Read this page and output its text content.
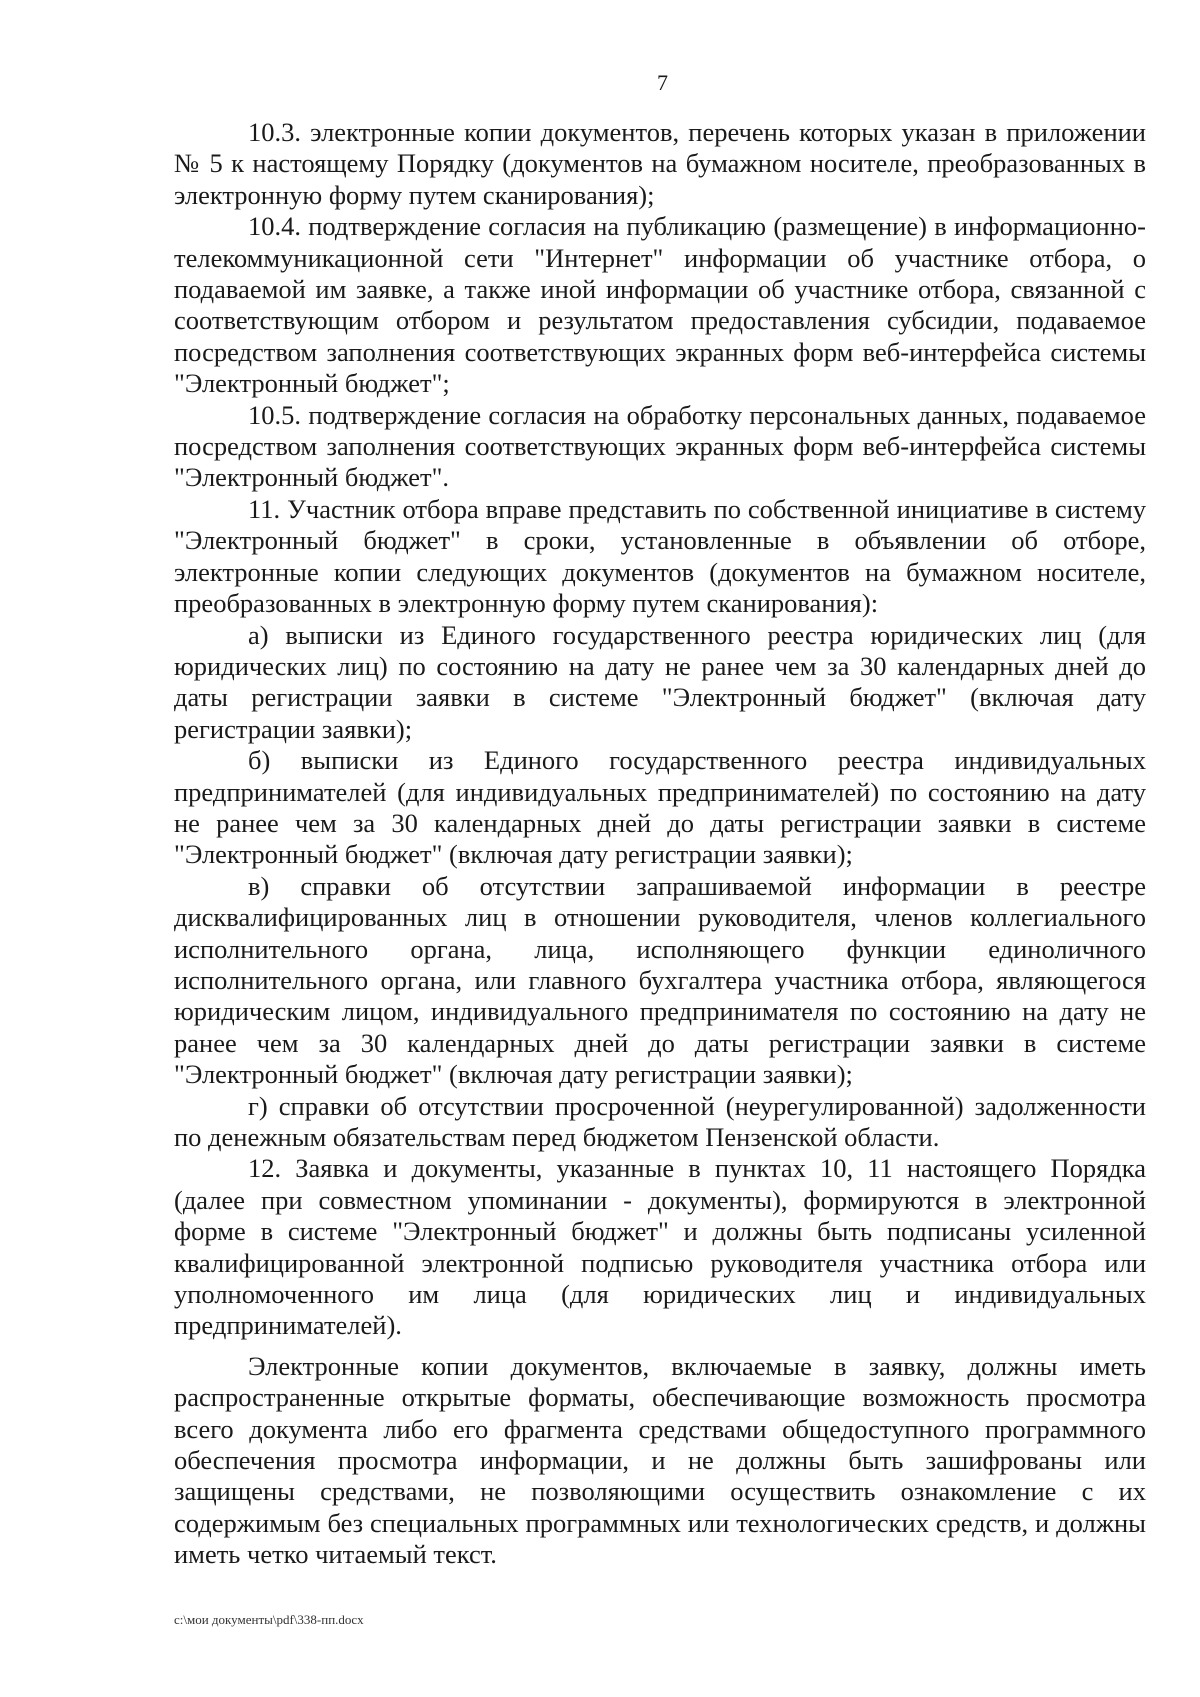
7

10.3. электронные копии документов, перечень которых указан в приложении № 5 к настоящему Порядку (документов на бумажном носителе, преобразованных в электронную форму путем сканирования);

10.4. подтверждение согласия на публикацию (размещение) в информационно-телекоммуникационной сети "Интернет" информации об участнике отбора, о подаваемой им заявке, а также иной информации об участнике отбора, связанной с соответствующим отбором и результатом предоставления субсидии, подаваемое посредством заполнения соответствующих экранных форм веб-интерфейса системы "Электронный бюджет";

10.5. подтверждение согласия на обработку персональных данных, подаваемое посредством заполнения соответствующих экранных форм веб-интерфейса системы "Электронный бюджет".

11. Участник отбора вправе представить по собственной инициативе в систему "Электронный бюджет" в сроки, установленные в объявлении об отборе, электронные копии следующих документов (документов на бумажном носителе, преобразованных в электронную форму путем сканирования):

а) выписки из Единого государственного реестра юридических лиц (для юридических лиц) по состоянию на дату не ранее чем за 30 календарных дней до даты регистрации заявки в системе "Электронный бюджет" (включая дату регистрации заявки);

б) выписки из Единого государственного реестра индивидуальных предпринимателей (для индивидуальных предпринимателей) по состоянию на дату не ранее чем за 30 календарных дней до даты регистрации заявки в системе "Электронный бюджет" (включая дату регистрации заявки);

в) справки об отсутствии запрашиваемой информации в реестре дисквалифицированных лиц в отношении руководителя, членов коллегиального исполнительного органа, лица, исполняющего функции единоличного исполнительного органа, или главного бухгалтера участника отбора, являющегося юридическим лицом, индивидуального предпринимателя по состоянию на дату не ранее чем за 30 календарных дней до даты регистрации заявки в системе "Электронный бюджет" (включая дату регистрации заявки);

г) справки об отсутствии просроченной (неурегулированной) задолженности по денежным обязательствам перед бюджетом Пензенской области.

12. Заявка и документы, указанные в пунктах 10, 11 настоящего Порядка (далее при совместном упоминании - документы), формируются в электронной форме в системе "Электронный бюджет" и должны быть подписаны усиленной квалифицированной электронной подписью руководителя участника отбора или уполномоченного им лица (для юридических лиц и индивидуальных предпринимателей).

Электронные копии документов, включаемые в заявку, должны иметь распространенные открытые форматы, обеспечивающие возможность просмотра всего документа либо его фрагмента средствами общедоступного программного обеспечения просмотра информации, и не должны быть зашифрованы или защищены средствами, не позволяющими осуществить ознакомление с их содержимым без специальных программных или технологических средств, и должны иметь четко читаемый текст.

c:\мои документы\pdf\338-пп.docx
